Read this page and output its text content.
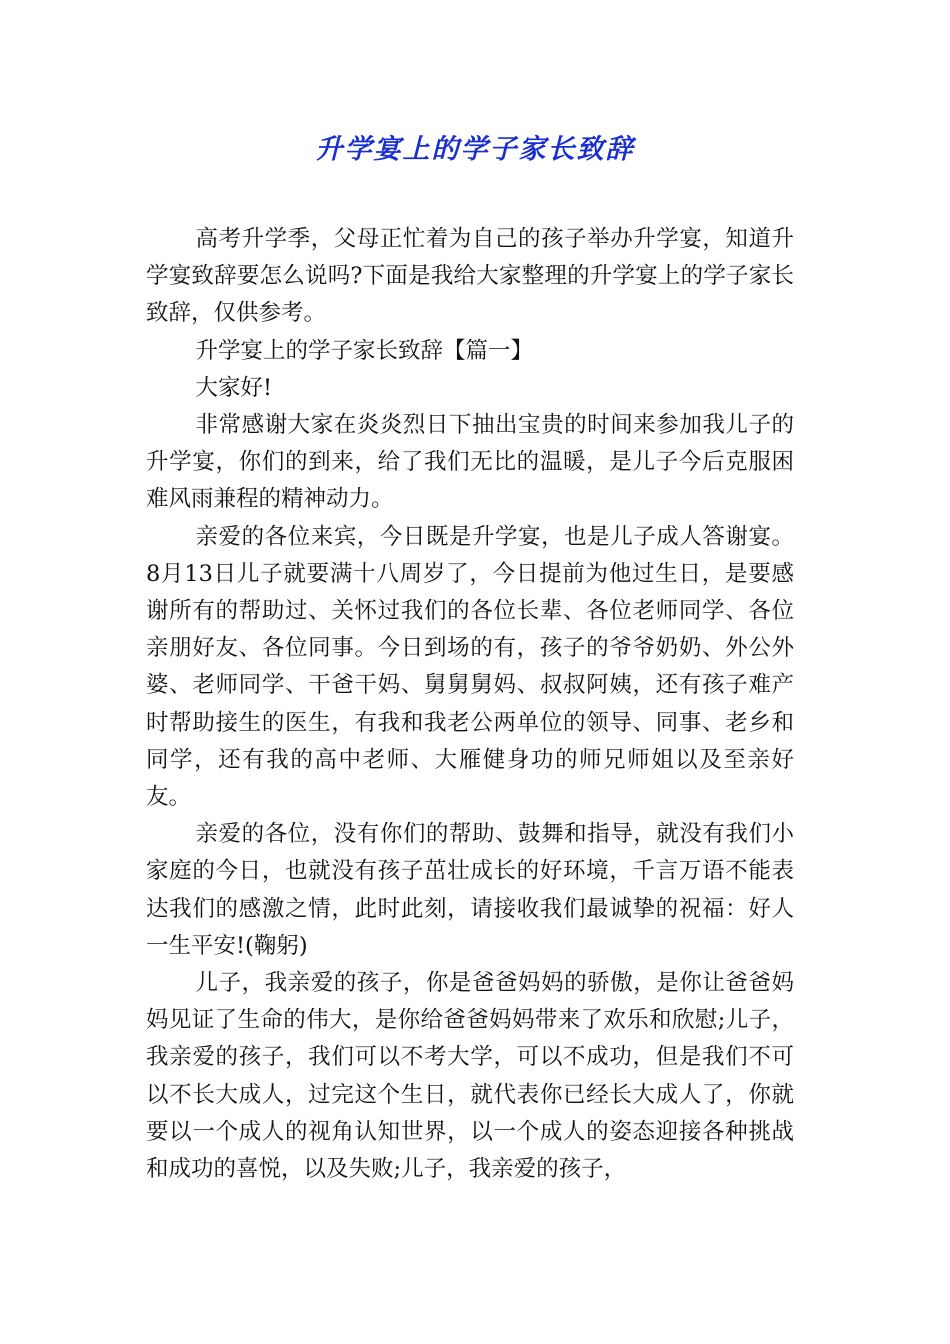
升学宴上的学子家长致辞

高考升学季，父母正忙着为自己的孩子举办升学宴，知道升学宴致辞要怎么说吗?下面是我给大家整理的升学宴上的学子家长致辞，仅供参考。

升学宴上的学子家长致辞【篇一】

大家好!

非常感谢大家在炎炎烈日下抽出宝贵的时间来参加我儿子的升学宴，你们的到来，给了我们无比的温暖，是儿子今后克服困难风雨兼程的精神动力。

亲爱的各位来宾，今日既是升学宴，也是儿子成人答谢宴。8月13日儿子就要满十八周岁了，今日提前为他过生日，是要感谢所有的帮助过、关怀过我们的各位长辈、各位老师同学、各位亲朋好友、各位同事。今日到场的有，孩子的爷爷奶奶、外公外婆、老师同学、干爸干妈、舅舅舅妈、叔叔阿姨，还有孩子难产时帮助接生的医生，有我和我老公两单位的领导、同事、老乡和同学，还有我的高中老师、大雁健身功的师兄师姐以及至亲好友。

亲爱的各位，没有你们的帮助、鼓舞和指导，就没有我们小家庭的今日，也就没有孩子茁壮成长的好环境，千言万语不能表达我们的感激之情，此时此刻，请接收我们最诚挚的祝福：好人一生平安!(鞠躬)

儿子，我亲爱的孩子，你是爸爸妈妈的骄傲，是你让爸爸妈妈见证了生命的伟大，是你给爸爸妈妈带来了欢乐和欣慰;儿子，我亲爱的孩子，我们可以不考大学，可以不成功，但是我们不可以不长大成人，过完这个生日，就代表你已经长大成人了，你就要以一个成人的视角认知世界，以一个成人的姿态迎接各种挑战和成功的喜悦，以及失败;儿子，我亲爱的孩子，
